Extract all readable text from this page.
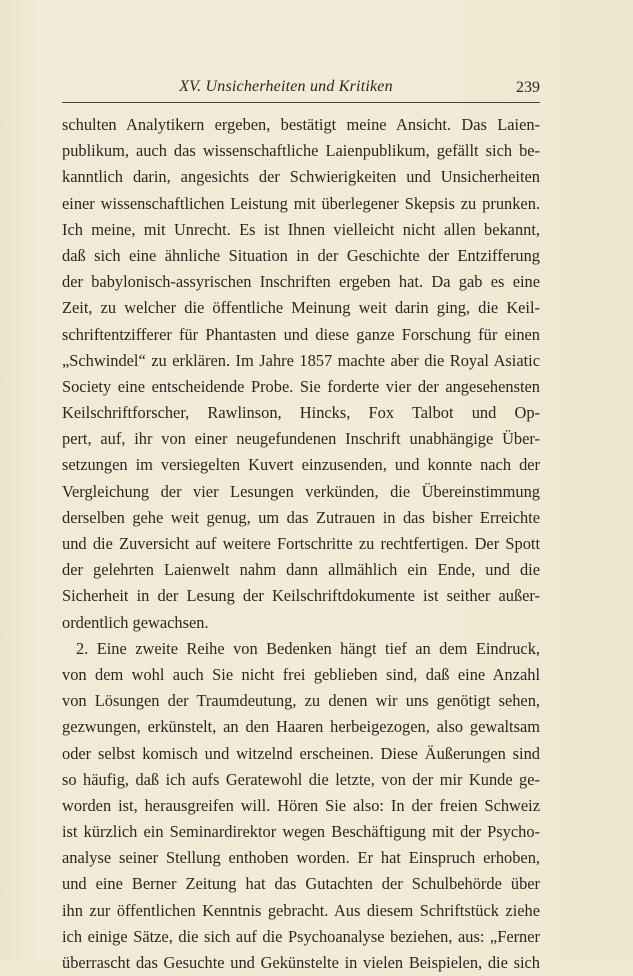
XV. Unsicherheiten und Kritiken	239
schulten Analytikern ergeben, bestätigt meine Ansicht. Das Laien-
publikum, auch das wissenschaftliche Laienpublikum, gefällt sich be-
kanntlich darin, angesichts der Schwierigkeiten und Unsicherheiten
einer wissenschaftlichen Leistung mit überlegener Skepsis zu prunken.
Ich meine, mit Unrecht. Es ist Ihnen vielleicht nicht allen bekannt,
daß sich eine ähnliche Situation in der Geschichte der Entzifferung
der babylonisch-assyrischen Inschriften ergeben hat. Da gab es eine
Zeit, zu welcher die öffentliche Meinung weit darin ging, die Keil-
schriftentzifferer für Phantasten und diese ganze Forschung für einen
„Schwindel“ zu erklären. Im Jahre 1857 machte aber die Royal Asiatic
Society eine entscheidende Probe. Sie forderte vier der angesehensten
Keilschriftforscher, Rawlinson, Hincks, Fox Talbot und Op-
pert, auf, ihr von einer neugefundenen Inschrift unabhängige Über-
setzungen im versiegelten Kuvert einzusenden, und konnte nach der
Vergleichung der vier Lesungen verkünden, die Übereinstimmung
derselben gehe weit genug, um das Zutrauen in das bisher Erreichte
und die Zuversicht auf weitere Fortschritte zu rechtfertigen. Der Spott
der gelehrten Laienwelt nahm dann allmählich ein Ende, und die
Sicherheit in der Lesung der Keilschriftdokumente ist seither außer-
ordentlich gewachsen.
2. Eine zweite Reihe von Bedenken hängt tief an dem Eindruck,
von dem wohl auch Sie nicht frei geblieben sind, daß eine Anzahl
von Lösungen der Traumdeutung, zu denen wir uns genötigt sehen,
gezwungen, erkünstelt, an den Haaren herbeigezogen, also gewaltsam
oder selbst komisch und witzelnd erscheinen. Diese Äußerungen sind
so häufig, daß ich aufs Geratewohl die letzte, von der mir Kunde ge-
worden ist, herausgreifen will. Hören Sie also: In der freien Schweiz
ist kürzlich ein Seminardirektor wegen Beschäftigung mit der Psycho-
analyse seiner Stellung enthoben worden. Er hat Einspruch erhoben,
und eine Berner Zeitung hat das Gutachten der Schulbehörde über
ihn zur öffentlichen Kenntnis gebracht. Aus diesem Schriftstück ziehe
ich einige Sätze, die sich auf die Psychoanalyse beziehen, aus: „Ferner
überrascht das Gesuchte und Gekünstelte in vielen Beispielen, die sich
